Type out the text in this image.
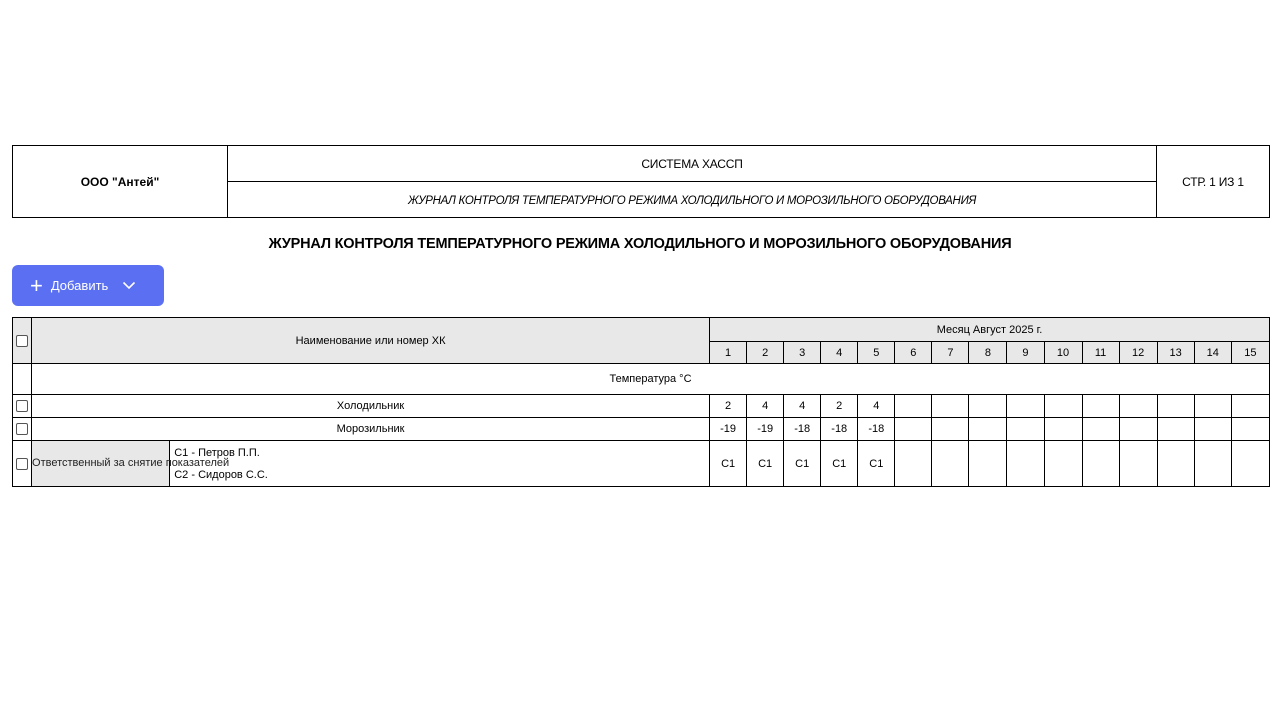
ООО "Антей"
СИСТЕМА ХАССП
ЖУРНАЛ КОНТРОЛЯ ТЕМПЕРАТУРНОГО РЕЖИМА ХОЛОДИЛЬНОГО И МОРОЗИЛЬНОГО ОБОРУДОВАНИЯ
СТР. 1 ИЗ 1
ЖУРНАЛ КОНТРОЛЯ ТЕМПЕРАТУРНОГО РЕЖИМА ХОЛОДИЛЬНОГО И МОРОЗИЛЬНОГО ОБОРУДОВАНИЯ
+ Добавить
	Наименование или номер ХК		Месяц Август 2025 г.														
			1	2	3	4	5	6	7	8	9	10	11	12	13	14	15
	Температура °C																
	Холодильник		2	4	4	2	4										
	Морозильник		-19	-19	-18	-18	-18										
	Ответственный за снятие показателей	С1 - Петров П.П.
С2 - Сидоров С.С.	С1	С1	С1	С1	С1										
